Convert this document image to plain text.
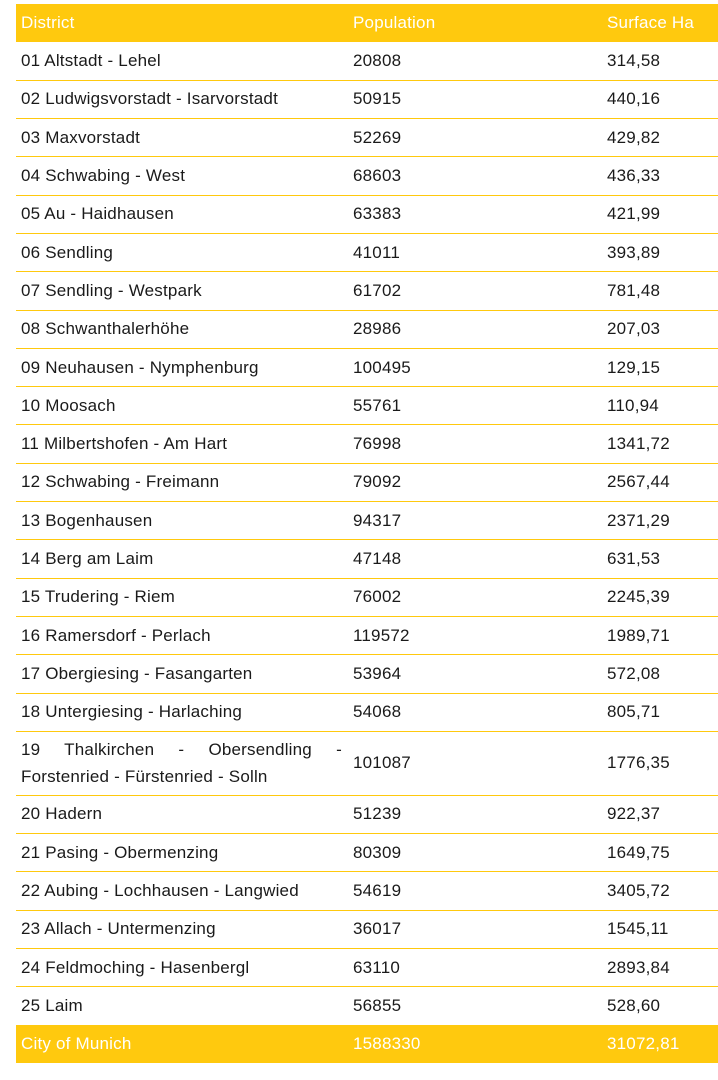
District	Population	Surface Ha
01 Altstadt - Lehel	20808	314,58
02 Ludwigsvorstadt - Isarvorstadt	50915	440,16
03 Maxvorstadt	52269	429,82
04 Schwabing - West	68603	436,33
05 Au - Haidhausen	63383	421,99
06 Sendling	41011	393,89
07 Sendling - Westpark	61702	781,48
08 Schwanthalerhöhe	28986	207,03
09 Neuhausen - Nymphenburg	100495	129,15
10 Moosach	55761	110,94
11 Milbertshofen - Am Hart	76998	1341,72
12 Schwabing - Freimann	79092	2567,44
13 Bogenhausen	94317	2371,29
14 Berg am Laim	47148	631,53
15 Trudering - Riem	76002	2245,39
16 Ramersdorf - Perlach	119572	1989,71
17 Obergiesing - Fasangarten	53964	572,08
18 Untergiesing - Harlaching	54068	805,71
19 Thalkirchen - Obersendling - Forstenried - Fürstenried - Solln	101087	1776,35
20 Hadern	51239	922,37
21 Pasing - Obermenzing	80309	1649,75
22 Aubing - Lochhausen - Langwied	54619	3405,72
23 Allach - Untermenzing	36017	1545,11
24 Feldmoching - Hasenbergl	63110	2893,84
25 Laim	56855	528,60
City of Munich	1588330	31072,81
